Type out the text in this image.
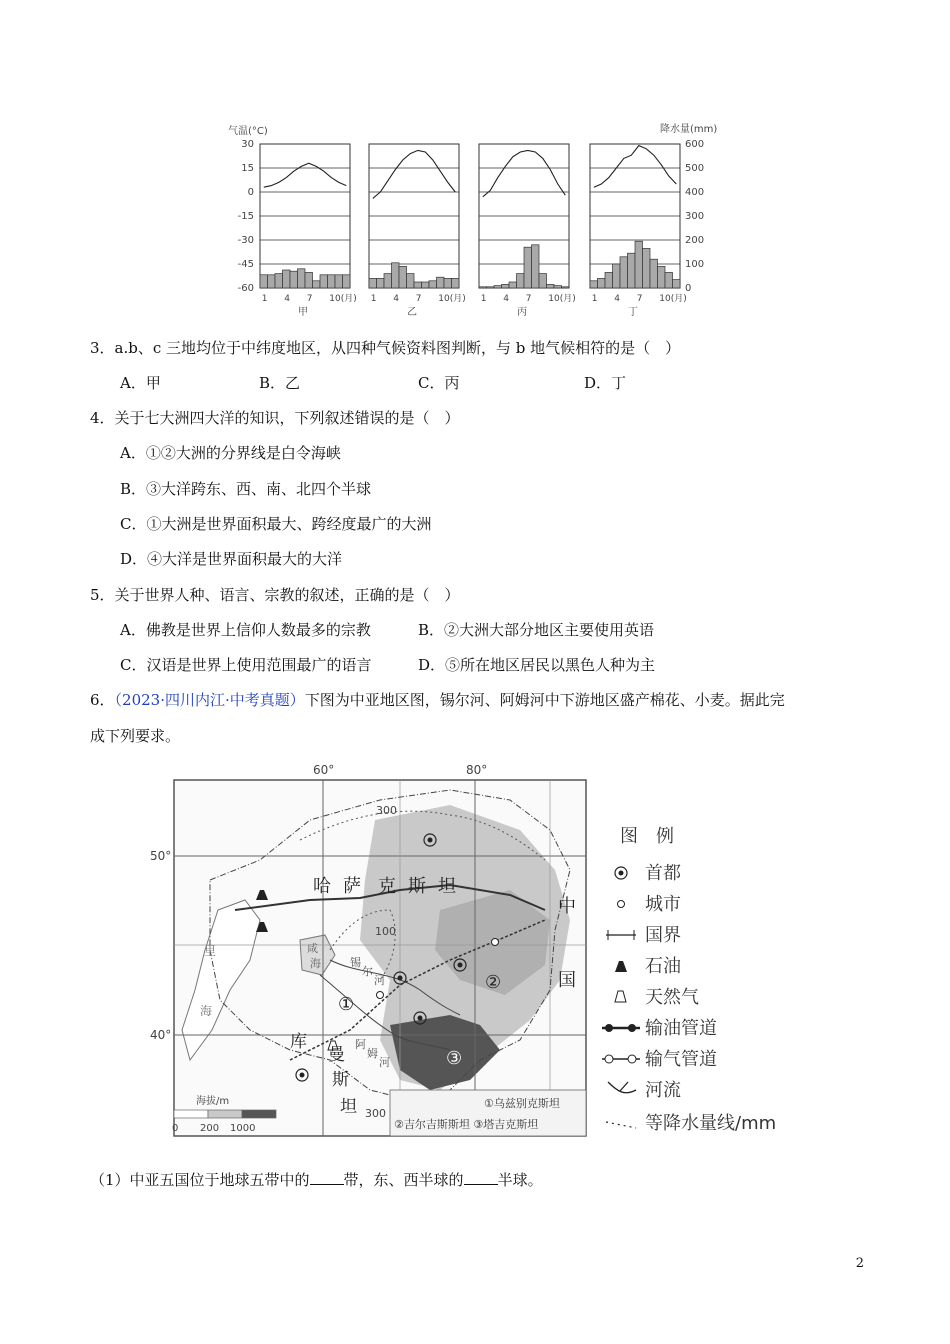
气温(°C)	降水量(mm)
30
15
0
-15
-30
-45
-60
600
500
400
300
200
100
0
1 4 7 10(月)
甲
1 4 7 10(月)
乙
1 4 7 10(月)
丙
1 4 7 10(月)
丁
3．a.b、c 三地均位于中纬度地区，从四种气候资料图判断，与 b 地气候相符的是（　）
A．甲	B．乙	C．丙	D．丁
4．关于七大洲四大洋的知识，下列叙述错误的是（　）
A．①②大洲的分界线是白令海峡
B．③大洋跨东、西、南、北四个半球
C．①大洲是世界面积最大、跨经度最广的大洲
D．④大洋是世界面积最大的大洋
5．关于世界人种、语言、宗教的叙述，正确的是（　）
A．佛教是世界上信仰人数最多的宗教	B．②大洲大部分地区主要使用英语
C．汉语是世界上使用范围最广的语言	D．⑤所在地区居民以黑色人种为主
6．（2023·四川内江·中考真题）下图为中亚地区图，锡尔河、阿姆河中下游地区盛产棉花、小麦。据此完
成下列要求。
60°	80°
50°
40°
300
100
300
哈 萨 克 斯 坦
中
国
库
曼
斯
坦
里
海
咸
海	锡
尔
河
阿
姆
河
①
②
③
海拔/m
0 200 1000
①乌兹别克斯坦
②吉尔吉斯斯坦 ③塔吉克斯坦
图　例
首都
城市
国界
石油
天然气
输油管道
输气管道
河流
等降水量线/mm
（1）中亚五国位于地球五带中的 带，东、西半球的 半球。
2
